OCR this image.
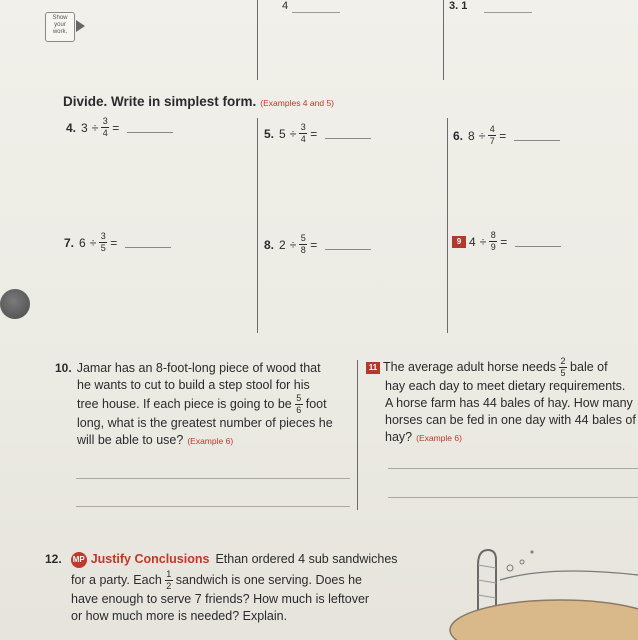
Show
your
work.
4	3. 1
Divide. Write in simplest form. (Examples 4 and 5)
4. $3 \div \frac{3}{4}$ =	5. $5 \div \frac{3}{4}$ =	6. $8 \div \frac{4}{7}$ =
7. $6 \div \frac{3}{5}$ =	8. $2 \div \frac{5}{8}$ =	9 $4 \div \frac{8}{9}$ =
10. Jamar has an 8-foot-long piece of wood that
he wants to cut to build a step stool for his
tree house. If each piece is going to be $\frac{5}{6}$ foot
long, what is the greatest number of pieces he
will be able to use? (Example 6)
11 The average adult horse needs $\frac{2}{5}$ bale of
hay each day to meet dietary requirements.
A horse farm has 44 bales of hay. How many
horses can be fed in one day with 44 bales of
hay? (Example 6)
12. MP Justify Conclusions Ethan ordered 4 sub sandwiches
for a party. Each $\frac{1}{2}$ sandwich is one serving. Does he
have enough to serve 7 friends? How much is leftover
or how much more is needed? Explain.
